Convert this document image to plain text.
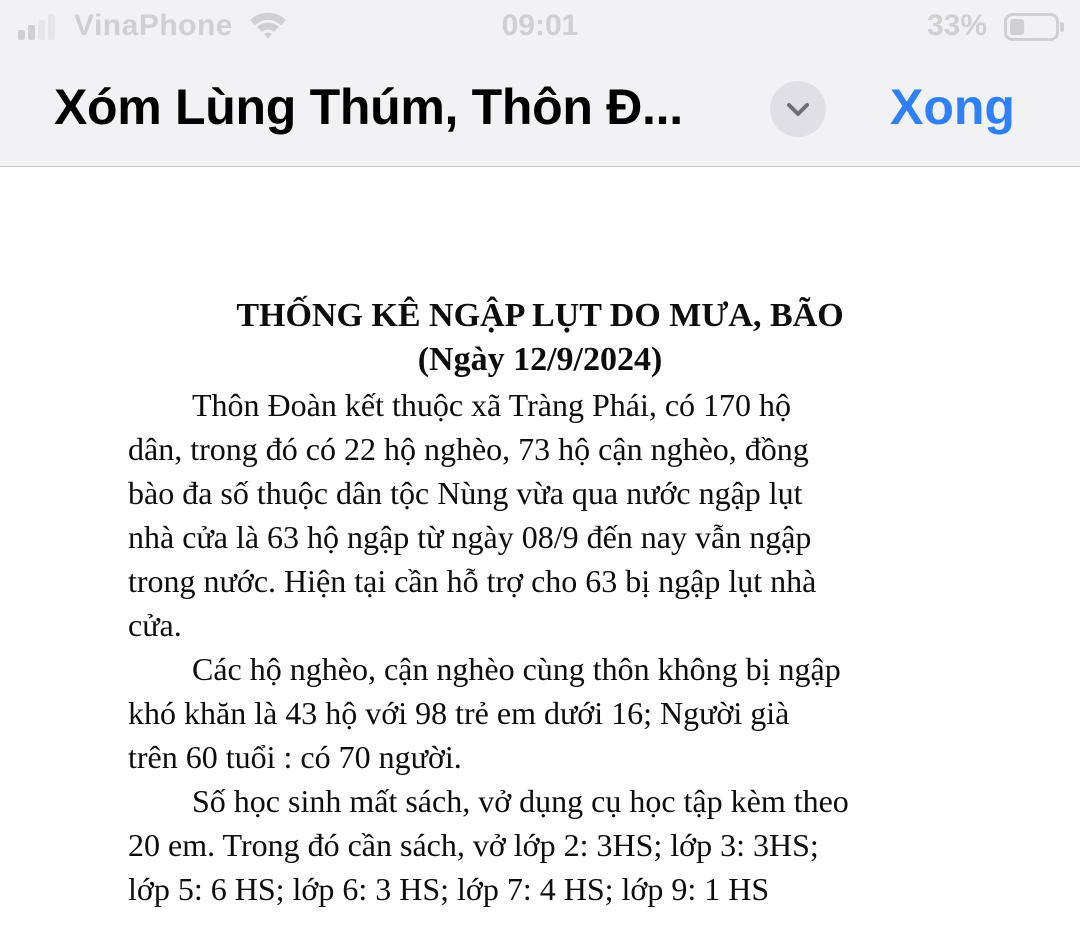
VinaPhone	09:01	33%
Xóm Lùng Thúm, Thôn Đ...	Xong
THỐNG KÊ NGẬP LỤT DO MƯA, BÃO
(Ngày 12/9/2024)
Thôn Đoàn kết thuộc xã Tràng Phái, có 170 hộ
dân, trong đó có 22 hộ nghèo, 73 hộ cận nghèo, đồng
bào đa số thuộc dân tộc Nùng vừa qua nước ngập lụt
nhà cửa là 63 hộ ngập từ ngày 08/9 đến nay vẫn ngập
trong nước. Hiện tại cần hỗ trợ cho 63 bị ngập lụt nhà
cửa.
Các hộ nghèo, cận nghèo cùng thôn không bị ngập
khó khăn là 43 hộ với 98 trẻ em dưới 16; Người già
trên 60 tuổi : có 70 người.
Số học sinh mất sách, vở dụng cụ học tập kèm theo
20 em. Trong đó cần sách, vở lớp 2: 3HS; lớp 3: 3HS;
lớp 5: 6 HS; lớp 6: 3 HS; lớp 7: 4 HS; lớp 9: 1 HS
